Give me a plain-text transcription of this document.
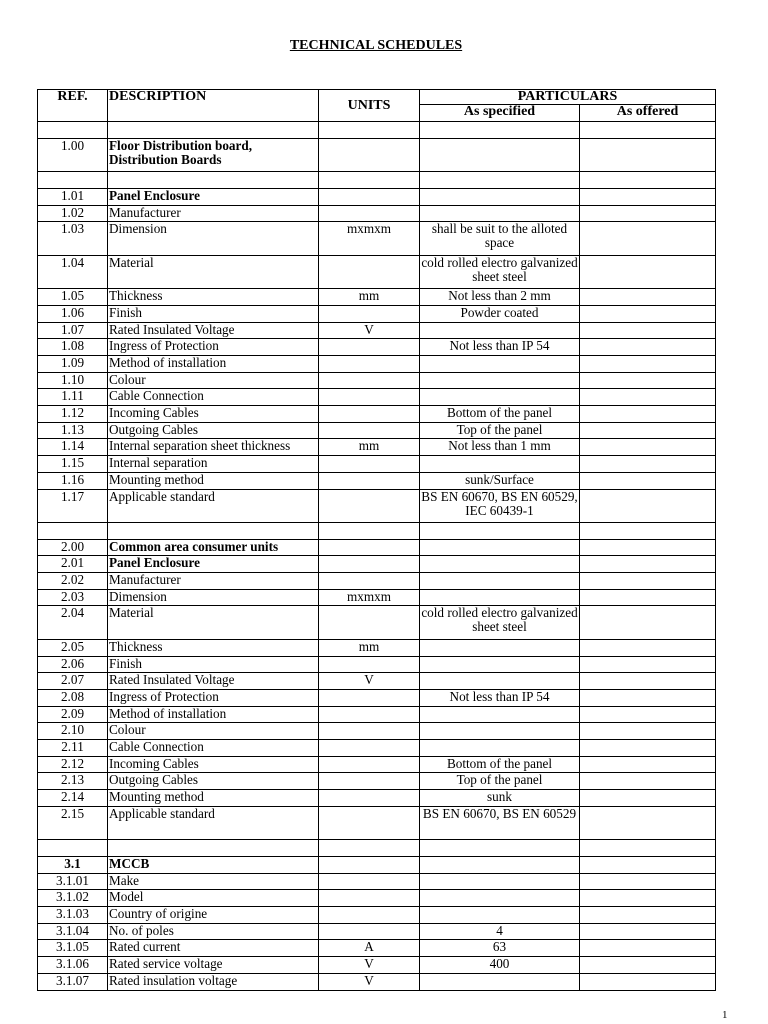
TECHNICAL SCHEDULES
REF.	DESCRIPTION	UNITS	PARTICULARS	
			As specified	As offered

1.00	Floor Distribution board,
Distribution Boards			

1.01	Panel Enclosure			
1.02	Manufacturer			
1.03	Dimension	mxmxm	shall be suit to the alloted space	
1.04	Material		cold rolled electro galvanized sheet steel	
1.05	Thickness	mm	Not less than 2 mm	
1.06	Finish		Powder coated	
1.07	Rated Insulated Voltage	V		
1.08	Ingress of Protection		Not less than IP 54	
1.09	Method of installation			
1.10	Colour			
1.11	Cable Connection			
1.12	Incoming Cables		Bottom of the panel	
1.13	Outgoing Cables		Top of the panel	
1.14	Internal separation sheet thickness	mm	Not less than 1 mm	
1.15	Internal separation			
1.16	Mounting method		sunk/Surface	
1.17	Applicable standard		BS EN 60670, BS EN 60529, IEC 60439-1	

2.00	Common area consumer units			
2.01	Panel Enclosure			
2.02	Manufacturer			
2.03	Dimension	mxmxm		
2.04	Material		cold rolled electro galvanized sheet steel	
2.05	Thickness	mm		
2.06	Finish			
2.07	Rated Insulated Voltage	V		
2.08	Ingress of Protection		Not less than IP 54	
2.09	Method of installation			
2.10	Colour			
2.11	Cable Connection			
2.12	Incoming Cables		Bottom of the panel	
2.13	Outgoing Cables		Top of the panel	
2.14	Mounting method		sunk	
2.15	Applicable standard		BS EN 60670, BS EN 60529	

3.1	MCCB			
3.1.01	Make			
3.1.02	Model			
3.1.03	Country of origine			
3.1.04	No. of poles		4	
3.1.05	Rated current	A	63	
3.1.06	Rated service voltage	V	400	
3.1.07	Rated insulation voltage	V		
1
